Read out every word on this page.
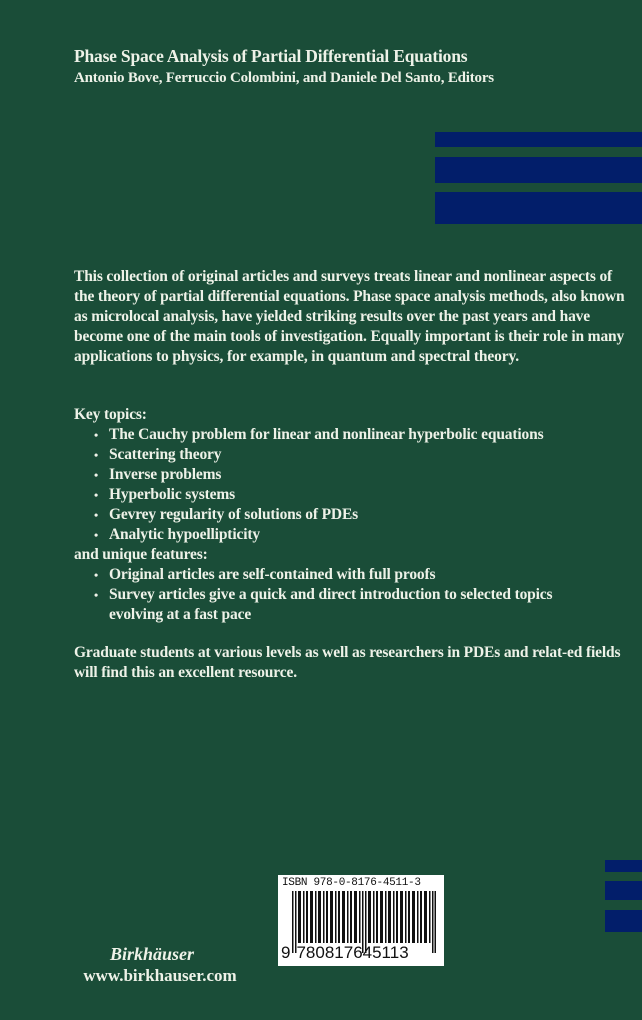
Phase Space Analysis of Partial Differential Equations
Antonio Bove, Ferruccio Colombini, and Daniele Del Santo, Editors

This collection of original articles and surveys treats linear and nonlinear aspects of the theory of partial differential equations. Phase space analysis methods, also known as microlocal analysis, have yielded striking results over the past years and have become one of the main tools of investigation. Equally important is their role in many applications to physics, for example, in quantum and spectral theory.

Key topics:
• The Cauchy problem for linear and nonlinear hyperbolic equations
• Scattering theory
• Inverse problems
• Hyperbolic systems
• Gevrey regularity of solutions of PDEs
• Analytic hypoellipticity
and unique features:
• Original articles are self-contained with full proofs
• Survey articles give a quick and direct introduction to selected topics evolving at a fast pace
Graduate students at various levels as well as researchers in PDEs and relat-ed fields will find this an excellent resource.
ISBN 978-0-8176-4511-3
9 780817645113
Birkhäuser
www.birkhauser.com
